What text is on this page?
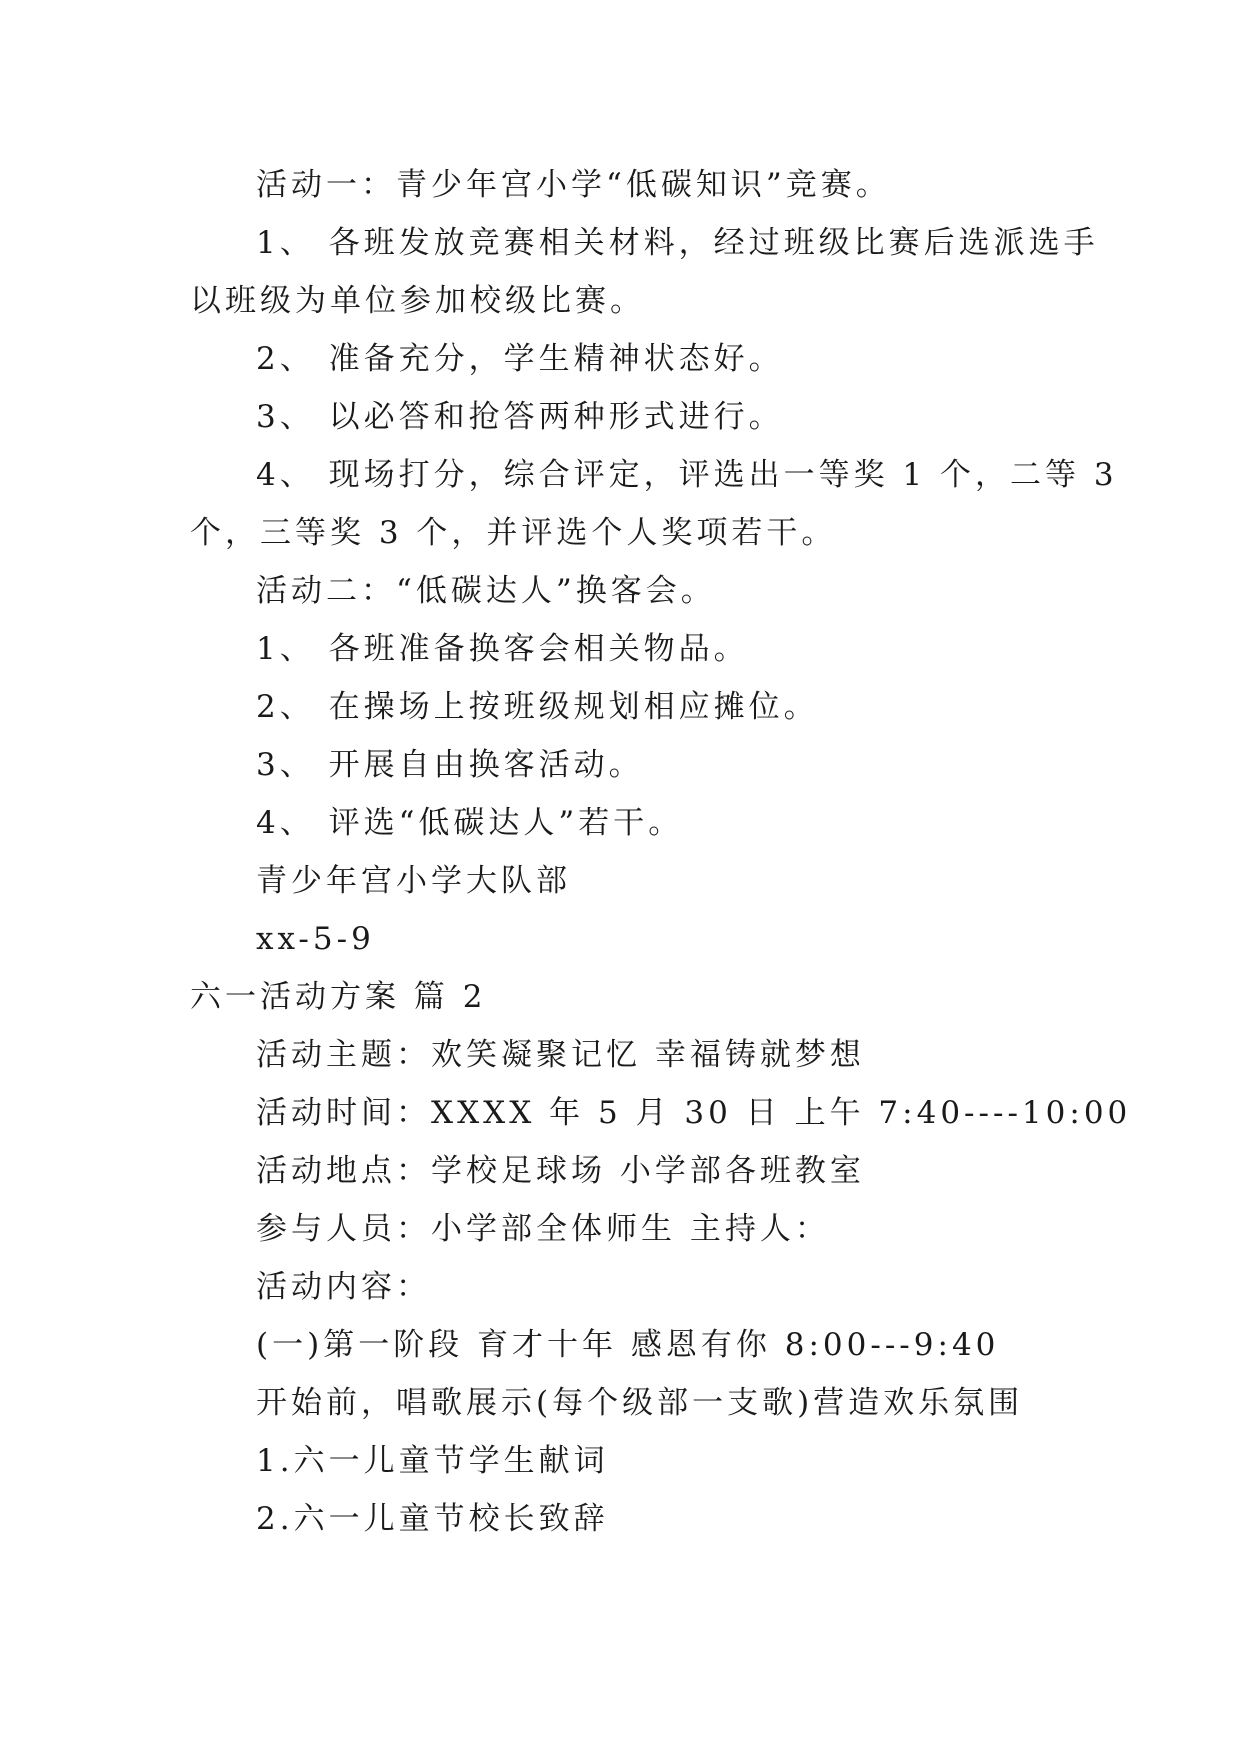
活动一：青少年宫小学“低碳知识”竞赛。
1、 各班发放竞赛相关材料，经过班级比赛后选派选手
以班级为单位参加校级比赛。
2、 准备充分，学生精神状态好。
3、 以必答和抢答两种形式进行。
4、 现场打分，综合评定，评选出一等奖 1 个，二等 3
个，三等奖 3 个，并评选个人奖项若干。
活动二：“低碳达人”换客会。
1、 各班准备换客会相关物品。
2、 在操场上按班级规划相应摊位。
3、 开展自由换客活动。
4、 评选“低碳达人”若干。
青少年宫小学大队部
xx-5-9
六一活动方案 篇 2
活动主题：欢笑凝聚记忆 幸福铸就梦想
活动时间：XXXX 年 5 月 30 日 上午 7:40----10:00
活动地点：学校足球场 小学部各班教室
参与人员：小学部全体师生 主持人：
活动内容：
(一)第一阶段 育才十年 感恩有你 8:00---9:40
开始前，唱歌展示(每个级部一支歌)营造欢乐氛围
1.六一儿童节学生献词
2.六一儿童节校长致辞
